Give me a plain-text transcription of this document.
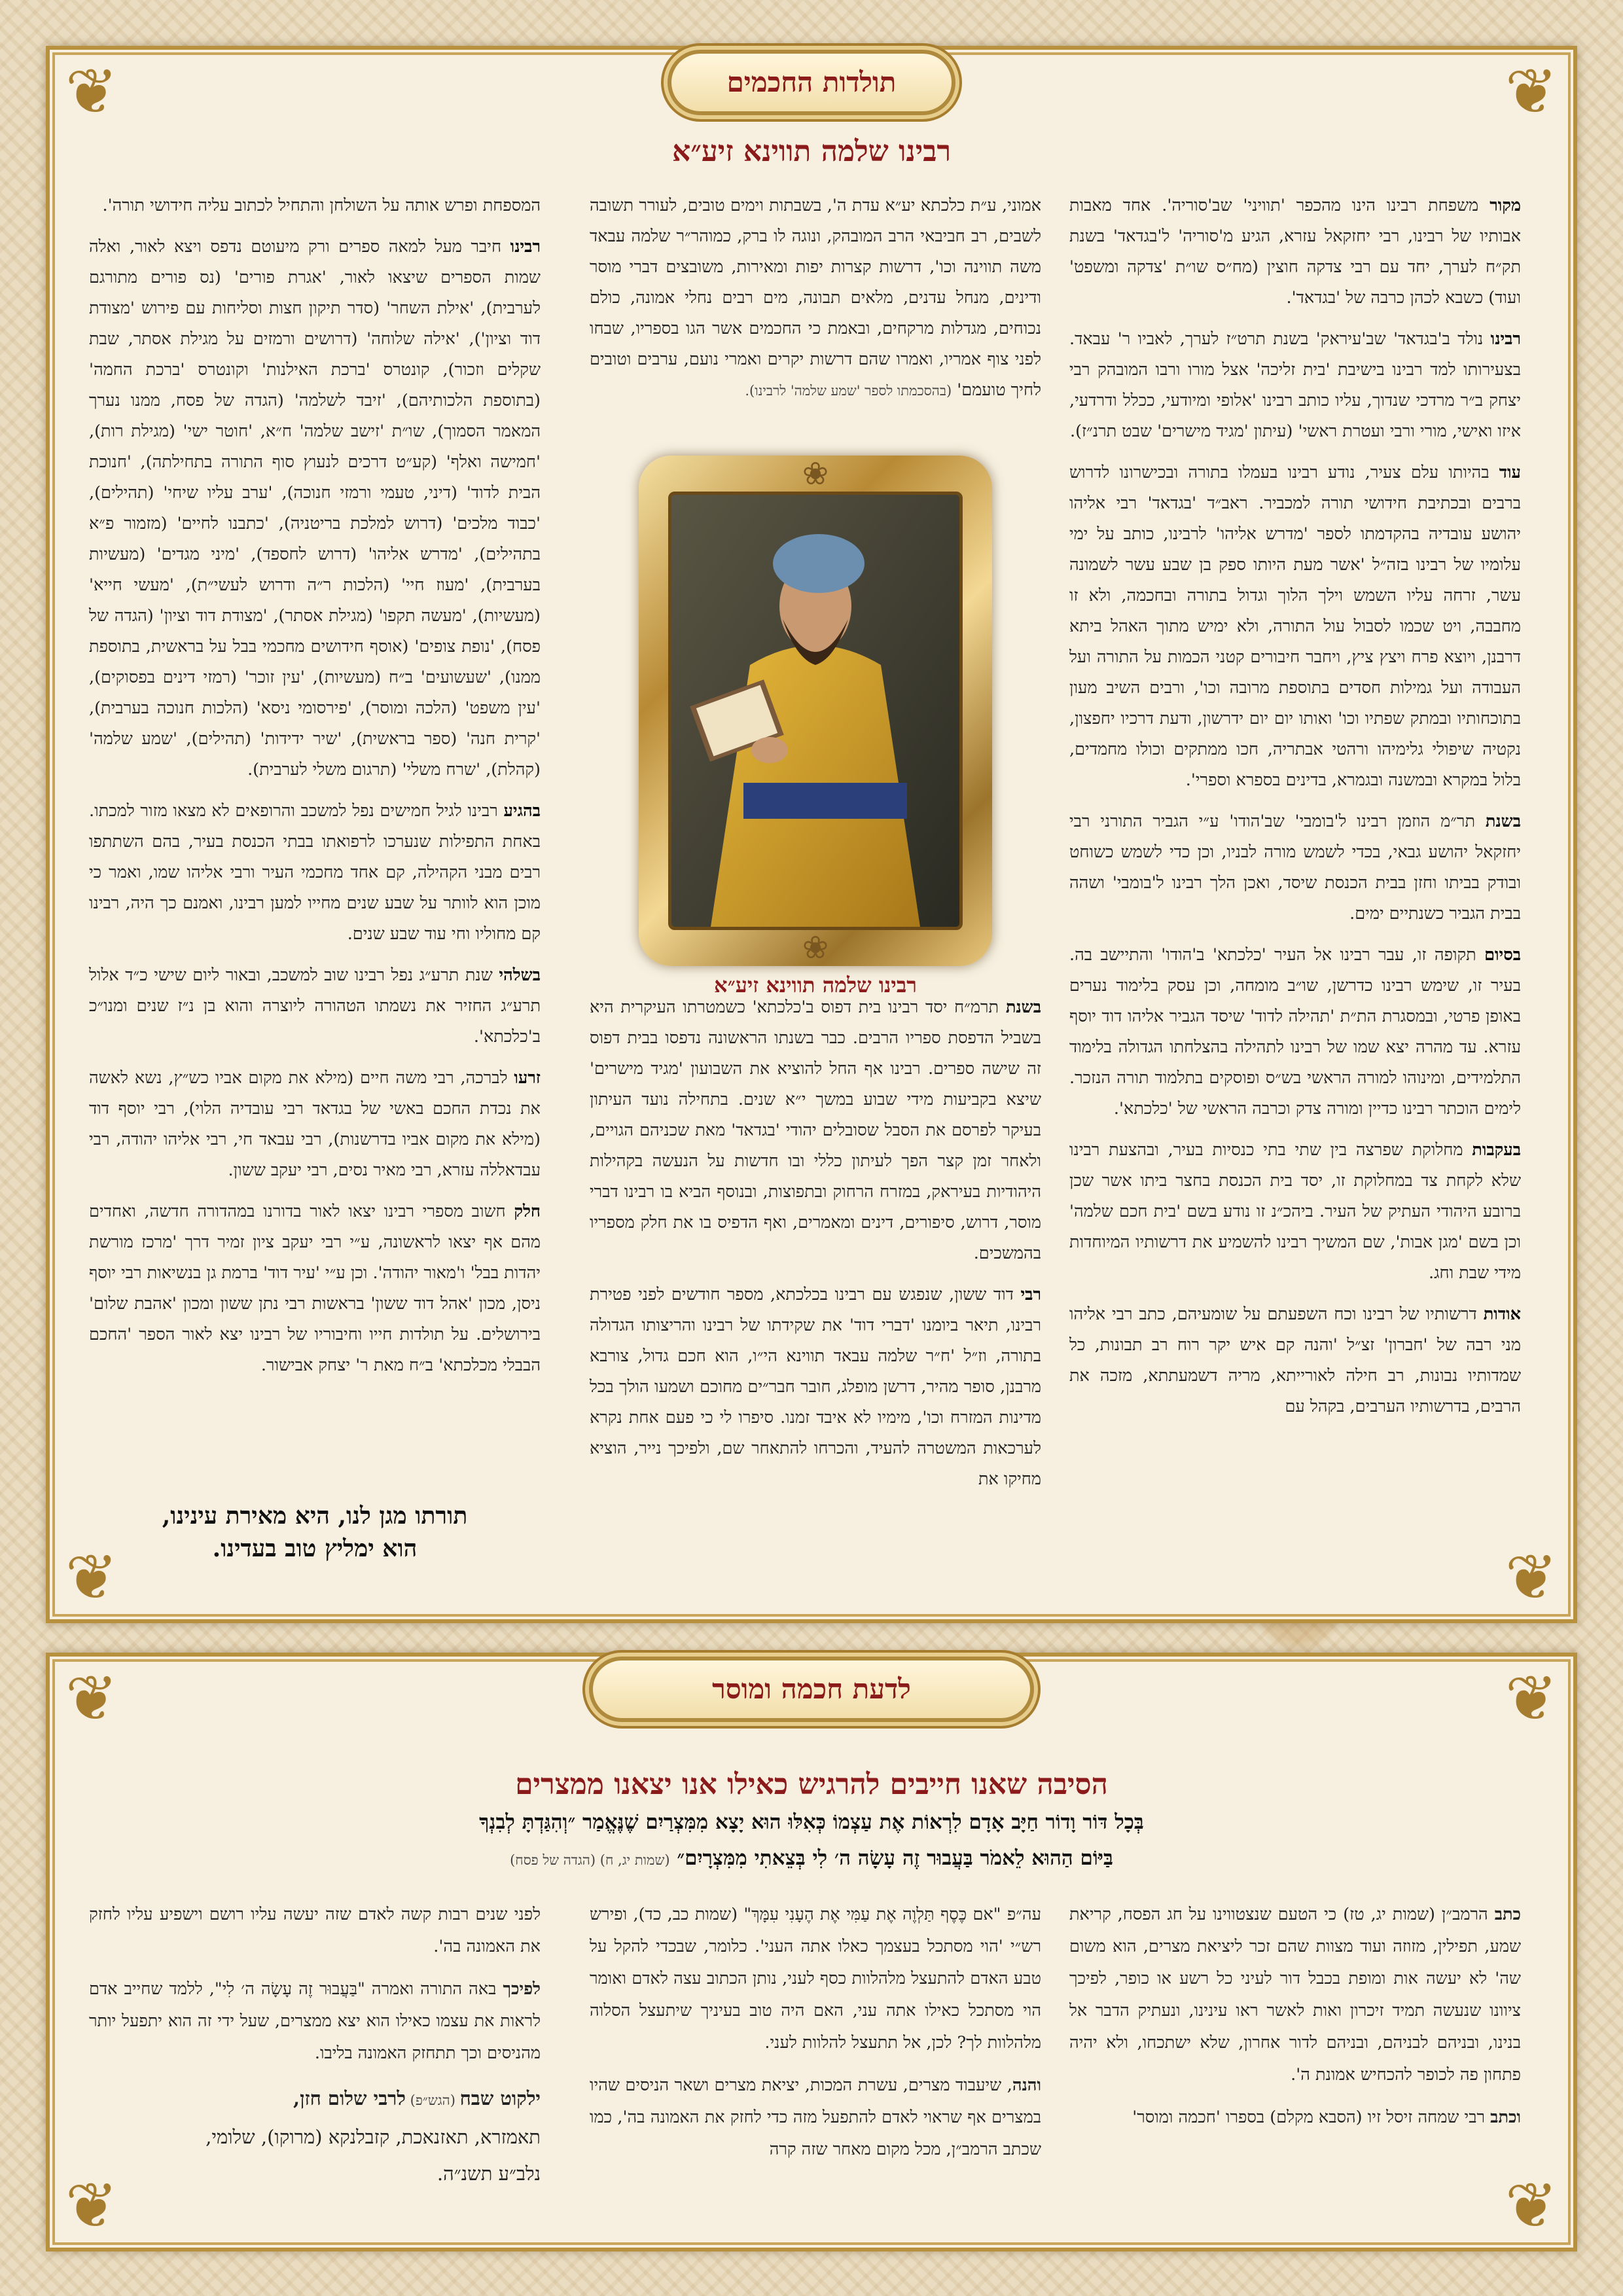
❦	❦
❦	❦
תולדות החכמים
רבינו שלמה תווינא זיע״א

מקור משפחת רבינו הינו מהכפר 'תוויני' שב'סוריה'. אחד מאבות אבותיו של רבינו, רבי יחזקאל עזרא, הגיע מ'סוריה' ל'בגדאד' בשנת תק״ח לערך, יחד עם רבי צדקה חוצין (מח״ס שו״ת 'צדקה ומשפט' ועוד) כשבא לכהן כרבה של 'בגדאד'.

רבינו נולד ב'בגדאד' שב'עיראק' בשנת תרט״ז לערך, לאביו ר' עבאד. בצעירותו למד רבינו בישיבת 'בית זליכה' אצל מורו ורבו המובהק רבי יצחק ב״ר מרדכי שנדוך, עליו כותב רבינו 'אלופי ומיודעי, ככלל ודרדעי, איזו ואישי, מורי ורבי ועטרת ראשי' (עיתון 'מגיד מישרים' שבט תרנ״ז).

עוד בהיותו עלם צעיר, נודע רבינו בעמלו בתורה ובכישרונו לדרוש ברבים ובכתיבת חידושי תורה למכביר. ראב״ד 'בגדאד' רבי אליהו יהושע עובדיה בהקדמתו לספר 'מדרש אליהו' לרבינו, כותב על ימי עלומיו של רבינו בזה״ל 'אשר מעת היותו ספק בן שבע עשר לשמונה עשר, זרחה עליו השמש וילך הלוך וגדול בתורה ובחכמה, ולא זו מחבבה, ויט שכמו לסבול עול התורה, ולא ימיש מתוך האהל ביתא דרבנן, ויוצא פרח ויצץ ציץ, ויחבר חיבורים קטני הכמות על התורה ועל העבודה ועל גמילות חסדים בתוספת מרובה וכו', ורבים השיב מעון בתוכחותיו ובמתק שפתיו וכו' ואותו יום יום ידרשון, ודעת דרכיו יחפצון, נקטיה שיפולי גלימיהו ורהטי אבתריה, חכו ממתקים וכולו מחמדים, בלול במקרא ובמשנה ובגמרא, בדינים בספרא וספרי'.

בשנת תר״מ הוזמן רבינו ל'בומבי' שב'הודו' ע״י הגביר התורני רבי יחזקאל יהושע גבאי, בכדי לשמש מורה לבניו, וכן כדי לשמש כשוחט ובודק בביתו וחזן בבית הכנסת שיסד, ואכן הלך רבינו ל'בומבי' ושהה בבית הגביר כשנתיים ימים.

בסיום תקופה זו, עבר רבינו אל העיר 'כלכתא' ב'הודו' והתיישב בה. בעיר זו, שימש רבינו כדרשן, שו״ב מומחה, וכן עסק בלימוד נערים באופן פרטי, ובמסגרת הת״ת 'תהילה לדוד' שיסד הגביר אליהו דוד יוסף עזרא. עד מהרה יצא שמו של רבינו לתהילה בהצלחתו הגדולה בלימוד התלמידים, ומינוהו למורה הראשי בש״ס ופוסקים בתלמוד תורה הנזכר. לימים הוכתר רבינו כדיין ומורה צדק וכרבה הראשי של 'כלכתא'.

בעקבות מחלוקת שפרצה בין שתי בתי כנסיות בעיר, ובהצעת רבינו שלא לקחת צד במחלוקת זו, יסד בית הכנסת בחצר ביתו אשר שכן ברובע היהודי העתיק של העיר. ביהכ״נ זו נודע בשם 'בית חכם שלמה' וכן בשם 'מגן אבות', שם המשיך רבינו להשמיע את דרשותיו המיוחדות מידי שבת וחג.

אודות דרשותיו של רבינו וכח השפעתם על שומעיהם, כתב רבי אליהו מני רבה של 'חברון' זצ״ל 'והנה קם איש יקר רוח רב תבונות, כל שמדותיו נבונות, רב חילה לאורייתא, מריה דשמעתתא, מזכה את הרבים, בדרשותיו הערבים, בקהל עם

אמוני, ע״ת כלכתא יע״א עדת ה', בשבתות וימים טובים, לעורר תשובה לשבים, רב חביבאי הרב המובהק, ונוגה לו ברק, כמוהר״ר שלמה עבאד משה תווינה וכו', דרשות קצרות יפות ומאירות, משובצים דברי מוסר ודינים, מנחל עדנים, מלאים תבונה, מים רבים נחלי אמונה, כולם נכוחים, מגדלות מרקחים, ובאמת כי החכמים אשר הגו בספריו, שבחו לפני צוף אמריו, ואמרו שהם דרשות יקרים ואמרי נועם, ערבים וטובים לחיך טועמם' (בהסכמתו לספר 'שמע שלמה' לרבינו).

❀
❀
רבינו שלמה תווינא זיע״א

בשנת תרמ״ח יסד רבינו בית דפוס ב'כלכתא' כשמטרתו העיקרית היא בשביל הדפסת ספריו הרבים. כבר בשנתו הראשונה נדפסו בבית דפוס זה שישה ספרים. רבינו אף החל להוציא את השבועון 'מגיד מישרים' שיצא בקביעות מידי שבוע במשך י״א שנים. בתחילה נועד העיתון בעיקר לפרסם את הסבל שסובלים יהודי 'בגדאד' מאת שכניהם הגויים, ולאחר זמן קצר הפך לעיתון כללי ובו חדשות על הנעשה בקהילות היהודיות בעיראק, במזרח הרחוק ובתפוצות, ובנוסף הביא בו רבינו דברי מוסר, דרוש, סיפורים, דינים ומאמרים, ואף הדפיס בו את חלק מספריו בהמשכים.

רבי דוד ששון, שנפגש עם רבינו בכלכתא, מספר חודשים לפני פטירת רבינו, תיאר ביומנו 'דברי דוד' את שקידתו של רבינו והריצותו הגדולה בתורה, וז״ל 'ח״ר שלמה עבאד תווינא הי״ו, הוא חכם גדול, צורבא מרבנן, סופר מהיר, דרשן מופלג, חובר חבר״ים מחוכם ושמעו הולך בכל מדינות המזרח וכו', מימיו לא איבד זמנו. סיפרו לי כי פעם אחת נקרא לערכאות המשטרה להעיד, והכרחו להתאחר שם, ולפיכך נייר, הוציא מחיקו את

המספחת ופרש אותה על השולחן והתחיל לכתוב עליה חידושי תורה'.

רבינו חיבר מעל למאה ספרים ורק מיעוטם נדפס ויצא לאור, ואלה שמות הספרים שיצאו לאור, 'אגרת פורים' (נס פורים מתורגם לערבית), 'אילת השחר' (סדר תיקון חצות וסליחות עם פירוש 'מצודת דוד וציון'), 'אילה שלוחה' (דרושים ורמזים על מגילת אסתר, שבת שקלים וזכור), קונטרס 'ברכת האילנות' וקונטרס 'ברכת החמה' (בתוספת הלכותיהם), 'זיבד לשלמה' (הגדה של פסח, ממנו נערך המאמר הסמוך), שו״ת 'זישב שלמה' ח״א, 'חוטר ישי' (מגילת רות), 'חמישה ואלף' (קע״ט דרכים לנעוץ סוף התורה בתחילתה), 'חנוכת הבית לדוד' (דיני, טעמי ורמזי חנוכה), 'ערב עליו שיחי' (תהילים), 'כבוד מלכים' (דרוש למלכת בריטניה), 'כתבנו לחיים' (מזמור פ״א בתהילים), 'מדרש אליהו' (דרוש לחספד), 'מיני מגדים' (מעשיות בערבית), 'מעוז חיי' (הלכות ר״ה ודרוש לעשי״ת), 'מעשי חייא' (מעשיות), 'מעשה תקפו' (מגילת אסתר), 'מצודת דוד וציון' (הגדה של פסח), 'נופת צופים' (אוסף חידושים מחכמי בבל על בראשית, בתוספת ממנו), 'שעשועים' ב״ח (מעשיות), 'עין זוכר' (רמזי דינים בפסוקים), 'עין משפט' (הלכה ומוסר), 'פירסומי ניסא' (הלכות חנוכה בערבית), 'קרית חנה' (ספר בראשית), 'שיר ידידות' (תהילים), 'שמע שלמה' (קהלת), 'שרח משלי' (תרגום משלי לערבית).

בהגיע רבינו לגיל חמישים נפל למשכב והרופאים לא מצאו מזור למכתו. באחת התפילות שנערכו לרפואתו בבתי הכנסת בעיר, בהם השתתפו רבים מבני הקהילה, קם אחד מחכמי העיר ורבי אליהו שמו, ואמר כי מוכן הוא לוותר על שבע שנים מחייו למען רבינו, ואמנם כך היה, רבינו קם מחוליו וחי עוד שבע שנים.

בשלהי שנת תרע״ג נפל רבינו שוב למשכב, ובאור ליום שישי כ״ד אלול תרע״ג החזיר את נשמתו הטהורה ליוצרה והוא בן נ״ז שנים ומנו״כ ב'כלכתא'.

זרעו לברכה, רבי משה חיים (מילא את מקום אביו כש״ץ, נשא לאשה את נכדת החכם באשי של בגדאד רבי עובדיה הלוי), רבי יוסף דוד (מילא את מקום אביו בדרשנות), רבי עבאד חי, רבי אליהו יהודה, רבי עבדאללה עזרא, רבי מאיר נסים, רבי יעקב ששון.

חלק חשוב מספרי רבינו יצאו לאור בדורנו במהדורה חדשה, ואחדים מהם אף יצאו לראשונה, ע״י רבי יעקב ציון זמיר דרך 'מרכז מורשת יהדות בבל' ו'מאור יהודה'. וכן ע״י 'עיר דוד' ברמת גן בנשיאות רבי יוסף ניסן, מכון 'אהל דוד ששון' בראשות רבי נתן ששון ומכון 'אהבת שלום' בירושלים. על תולדות חייו וחיבוריו של רבינו יצא לאור הספר 'החכם הבבלי מכלכתא' ב״ח מאת ר' יצחק אבישור.

תורתו מגן לנו, היא מאירת עינינו,
הוא ימליץ טוב בעדינו.
❦	❦
❦	❦
לדעת חכמה ומוסר
הסיבה שאנו חייבים להרגיש כאילו אנו יצאנו ממצרים
בְּכָל דּוֹר וָדוֹר חַיָּב אָדָם לִרְאוֹת אֶת עַצְמוֹ כְּאִלּוּ הוּא יָצָא מִמִּצְרַיִם שֶׁנֶּאֱמַר ״וְהִגַּדְתָּ לְבִנְךָ
בַּיּוֹם הַהוּא לֵאמֹר בַּעֲבוּר זֶה עָשָׂה ה׳ לִי בְּצֵאתִי מִמִּצְרָיִם״ (שמות יג, ח) (הגדה של פסח)

כתב הרמב״ן (שמות יג, טז) כי הטעם שנצטווינו על חג הפסח, קריאת שמע, תפילין, מזוזה ועוד מצוות שהם זכר ליציאת מצרים, הוא משום שה' לא יעשה אות ומופת בכבל דור לעיני כל רשע או כופר, לפיכך ציוונו שנעשה תמיד זיכרון ואות לאשר ראו עינינו, ונעתיק הדבר אל בנינו, ובניהם לבניהם, ובניהם לדור אחרון, שלא ישתכחו, ולא יהיה פתחון פה לכופר להכחיש אמונת ה'.

וכתב רבי שמחה זיסל זיו (הסבא מקלם) בספרו 'חכמה ומוסר'

עה״פ "אם כֶּסֶף תַּלְוֶה אֶת עַמִּי אֶת הֶעָנִי עִמָּךְ" (שמות כב, כד), ופירש רש״י 'הוי מסתכל בעצמך כאלו אתה העני'. כלומר, שבכדי להקל על טבע האדם להתעצל מלהלוות כסף לעני, נותן הכתוב עצה לאדם ואומר הוי מסתכל כאילו אתה עני, האם היה טוב בעיניך שיתעצל הסלוה מלהלוות לך? לכן, אל תתעצל להלוות לעני.

והנה, שיעבוד מצרים, עשרת המכות, יציאת מצרים ושאר הניסים שהיו במצרים אף שראוי לאדם להתפעל מזה כדי לחזק את האמונה בה', כמו שכתב הרמב״ן, מכל מקום מאחר שזה קרה

לפני שנים רבות קשה לאדם שזה יעשה עליו רושם וישפיע עליו לחזק את האמונה בה'.

לפיכך באה התורה ואמרה "בַּעֲבוּר זֶה עָשָׂה ה׳ לִי", ללמד שחייב אדם לראות את עצמו כאילו הוא יצא ממצרים, שעל ידי זה הוא יתפעל יותר מהניסים וכך תתחזק האמונה בליבו.

ילקוט שבח (הגש״פ) לרבי שלום חזן,
תאמזרא, תאזנאכת, קזבלנקא (מרוקו), שלומי,
נלב״ע תשנ״ה.
